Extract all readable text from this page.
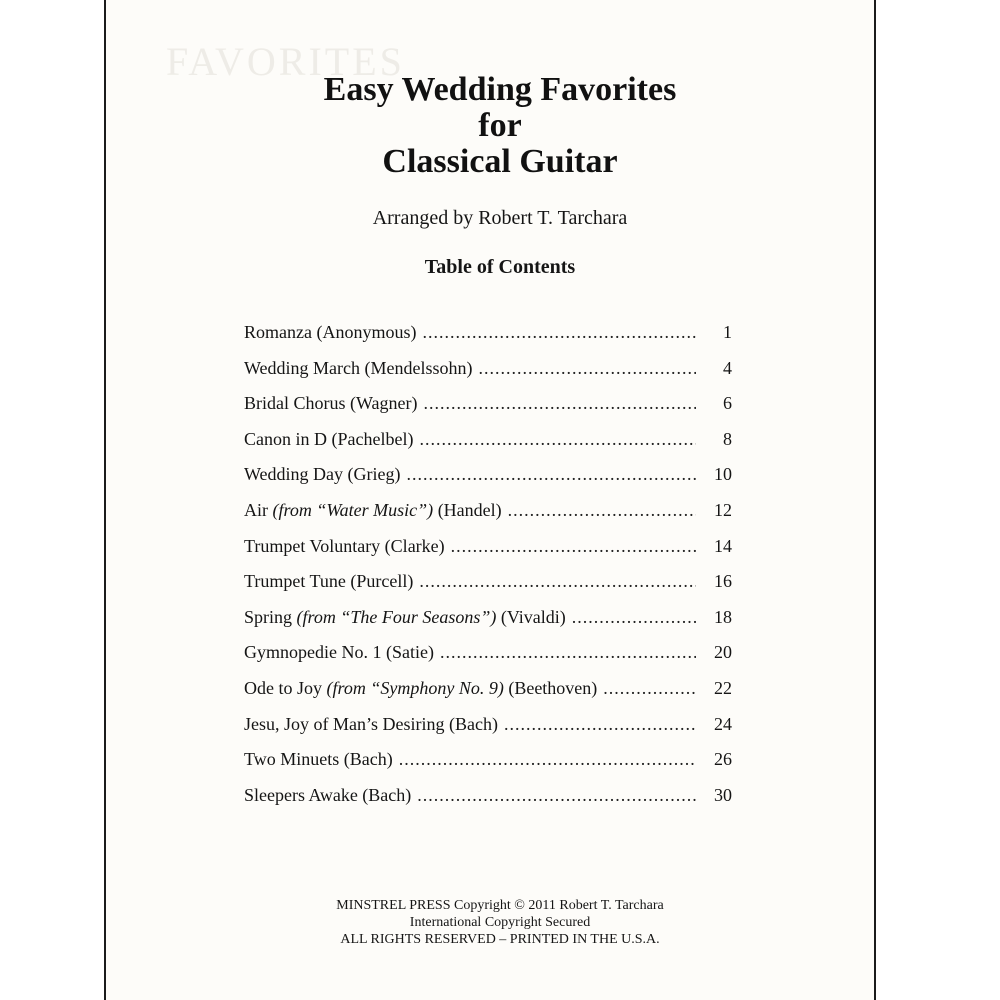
FAVORITES
Easy Wedding Favorites
for
Classical Guitar
Arranged by Robert T. Tarchara
Table of Contents
Romanza (Anonymous) .....	1
Wedding March (Mendelssohn) .....	4
Bridal Chorus (Wagner) .....	6
Canon in D (Pachelbel) .....	8
Wedding Day (Grieg) .....	10
Air (from “Water Music”) (Handel) .....	12
Trumpet Voluntary (Clarke) .....	14
Trumpet Tune (Purcell) .....	16
Spring (from “The Four Seasons”) (Vivaldi) .....	18
Gymnopedie No. 1 (Satie) .....	20
Ode to Joy (from “Symphony No. 9) (Beethoven) .....	22
Jesu, Joy of Man’s Desiring (Bach) .....	24
Two Minuets (Bach) .....	26
Sleepers Awake (Bach) .....	30
MINSTREL PRESS Copyright © 2011 Robert T. Tarchara
International Copyright Secured
ALL RIGHTS RESERVED – PRINTED IN THE U.S.A.
